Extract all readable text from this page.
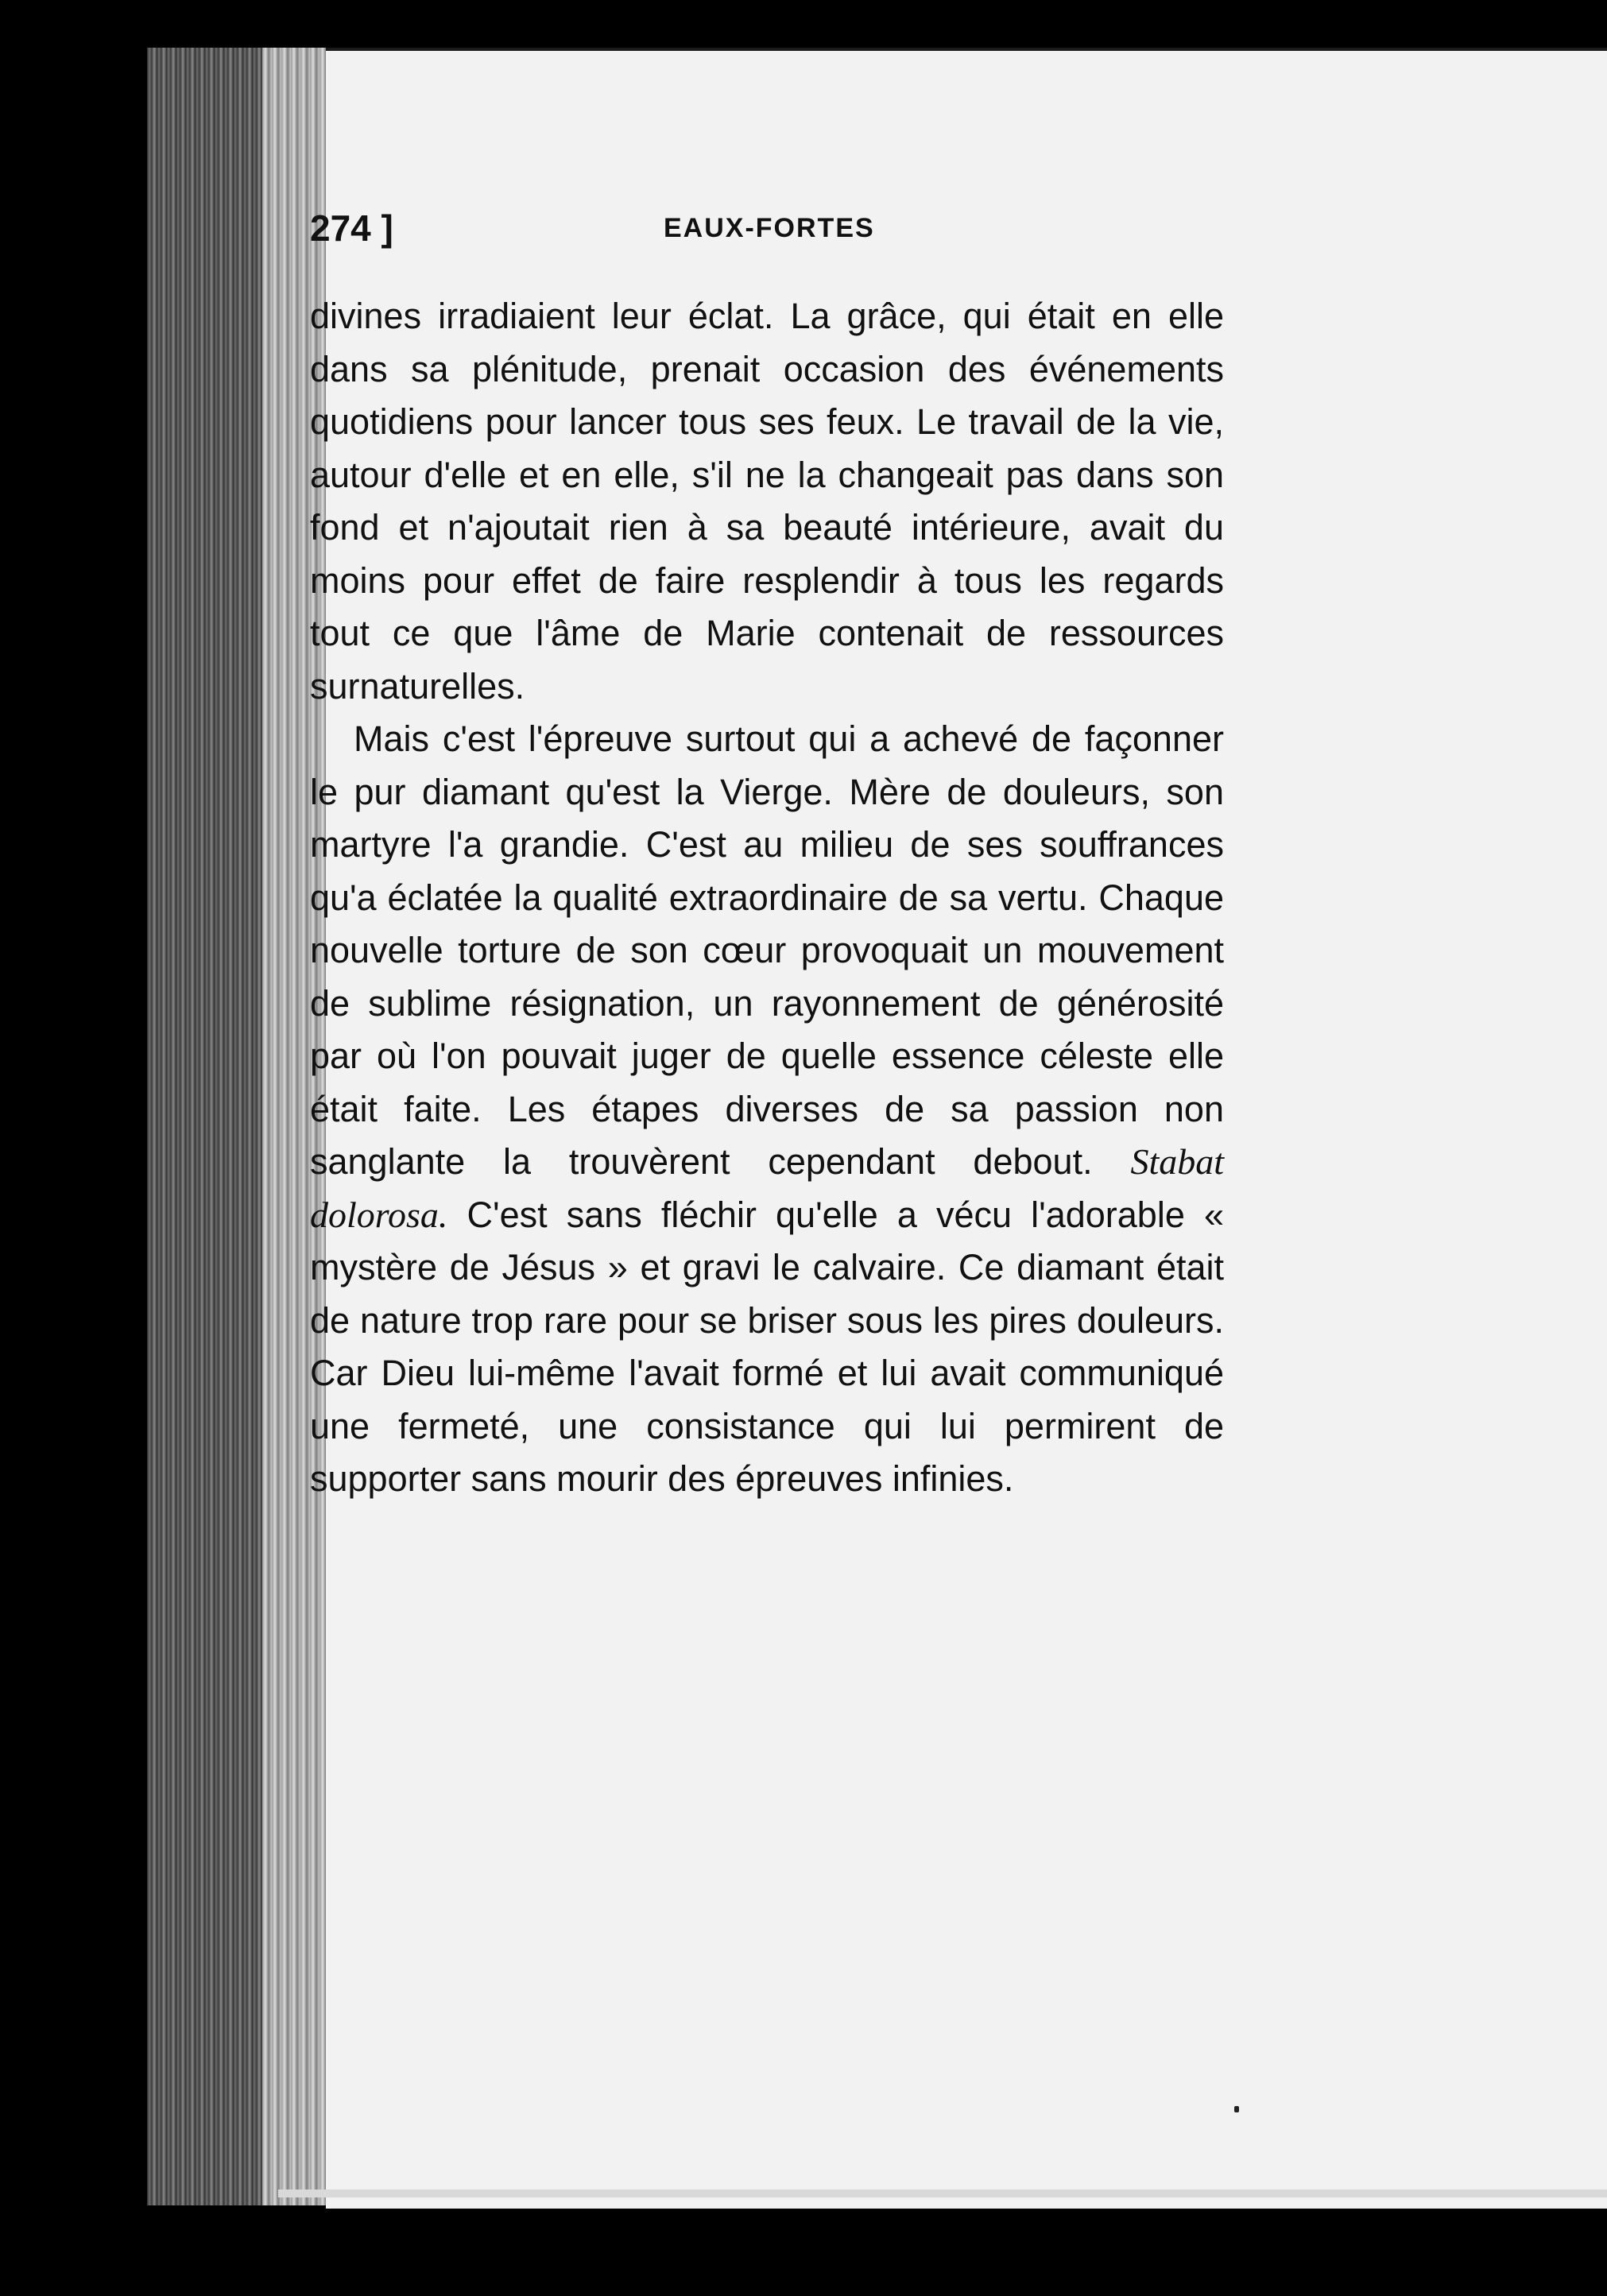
274 ]	EAUX-FORTES

divines irradiaient leur éclat. La grâce, qui était en elle dans sa plénitude, prenait occasion des événements quotidiens pour lancer tous ses feux. Le travail de la vie, autour d'elle et en elle, s'il ne la changeait pas dans son fond et n'ajoutait rien à sa beauté intérieure, avait du moins pour effet de faire resplendir à tous les regards tout ce que l'âme de Marie contenait de ressources surnaturelles.

Mais c'est l'épreuve surtout qui a achevé de façonner le pur diamant qu'est la Vierge. Mère de douleurs, son martyre l'a grandie. C'est au milieu de ses souffrances qu'a éclatée la qualité extraordinaire de sa vertu. Chaque nouvelle torture de son cœur provoquait un mouvement de sublime résignation, un rayonnement de générosité par où l'on pouvait juger de quelle essence céleste elle était faite. Les étapes diverses de sa passion non sanglante la trouvèrent cependant debout. Stabat dolorosa. C'est sans fléchir qu'elle a vécu l'adorable « mystère de Jésus » et gravi le calvaire. Ce diamant était de nature trop rare pour se briser sous les pires douleurs. Car Dieu lui-même l'avait formé et lui avait communiqué une fermeté, une consistance qui lui permirent de supporter sans mourir des épreuves infinies.
